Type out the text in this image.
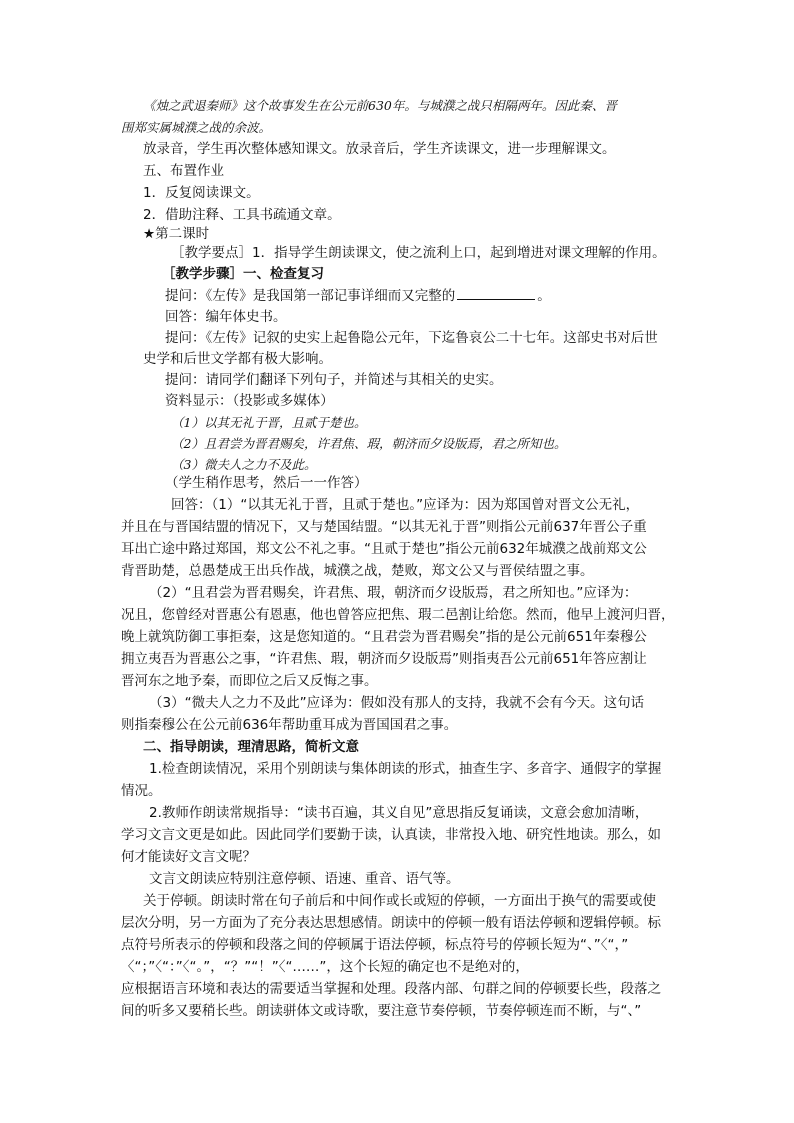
《烛之武退秦师》这个故事发生在公元前630年。与城濮之战只相隔两年。因此秦、晋
围郑实属城濮之战的余波。
放录音，学生再次整体感知课文。放录音后，学生齐读课文，进一步理解课文。
五、布置作业
1．反复阅读课文。
2．借助注释、工具书疏通文章。
★第二课时
［教学要点］1．指导学生朗读课文，使之流利上口，起到增进对课文理解的作用。
［教学步骤］一、检查复习
提问：《左传》是我国第一部记事详细而又完整的	。
回答：编年体史书。
提问：《左传》记叙的史实上起鲁隐公元年，下迄鲁哀公二十七年。这部史书对后世
史学和后世文学都有极大影响。
提问：请同学们翻译下列句子，并简述与其相关的史实。
资料显示：（投影或多媒体）
（1）以其无礼于晋，且贰于楚也。
（2）且君尝为晋君赐矣，许君焦、瑕，朝济而夕设版焉，君之所知也。
（3）微夫人之力不及此。
（学生稍作思考，然后一一作答）
回答：（1）“以其无礼于晋，且贰于楚也。”应译为：因为郑国曾对晋文公无礼，
并且在与晋国结盟的情况下，又与楚国结盟。“以其无礼于晋”则指公元前637年晋公子重
耳出亡途中路过郑国，郑文公不礼之事。“且贰于楚也”指公元前632年城濮之战前郑文公
背晋助楚，总愚楚成王出兵作战，城濮之战，楚败，郑文公又与晋侯结盟之事。
（2）“且君尝为晋君赐矣，许君焦、瑕，朝济而夕设版焉，君之所知也。”应译为：
况且，您曾经对晋惠公有恩惠，他也曾答应把焦、瑕二邑割让给您。然而，他早上渡河归晋，
晚上就筑防御工事拒秦，这是您知道的。“且君尝为晋君赐矣”指的是公元前651年秦穆公
拥立夷吾为晋惠公之事，“许君焦、瑕，朝济而夕设版焉”则指夷吾公元前651年答应割让
晋河东之地予秦，而即位之后又反悔之事。
（3）“微夫人之力不及此”应译为：假如没有那人的支持，我就不会有今天。这句话
则指秦穆公在公元前636年帮助重耳成为晋国国君之事。
二、指导朗读，理清思路，简析文意
1.检查朗读情况，采用个别朗读与集体朗读的形式，抽查生字、多音字、通假字的掌握
情况。
2.教师作朗读常规指导：“读书百遍，其义自见”意思指反复诵读，文意会愈加清晰，
学习文言文更是如此。因此同学们要勤于读，认真读，非常投入地、研究性地读。那么，如
何才能读好文言文呢？
文言文朗读应特别注意停顿、语速、重音、语气等。
关于停顿。朗读时常在句子前后和中间作或长或短的停顿，一方面出于换气的需要或使
层次分明，另一方面为了充分表达思想感情。朗读中的停顿一般有语法停顿和逻辑停顿。标
点符号所表示的停顿和段落之间的停顿属于语法停顿，标点符号的停顿长短为“、”〈“，”
〈“；”〈“：”〈“。”，“？”“！”〈“……”，这个长短的确定也不是绝对的，
应根据语言环境和表达的需要适当掌握和处理。段落内部、句群之间的停顿要长些，段落之
间的听多又要稍长些。朗读骈体文或诗歌，要注意节奏停顿，节奏停顿连而不断，与“、”
